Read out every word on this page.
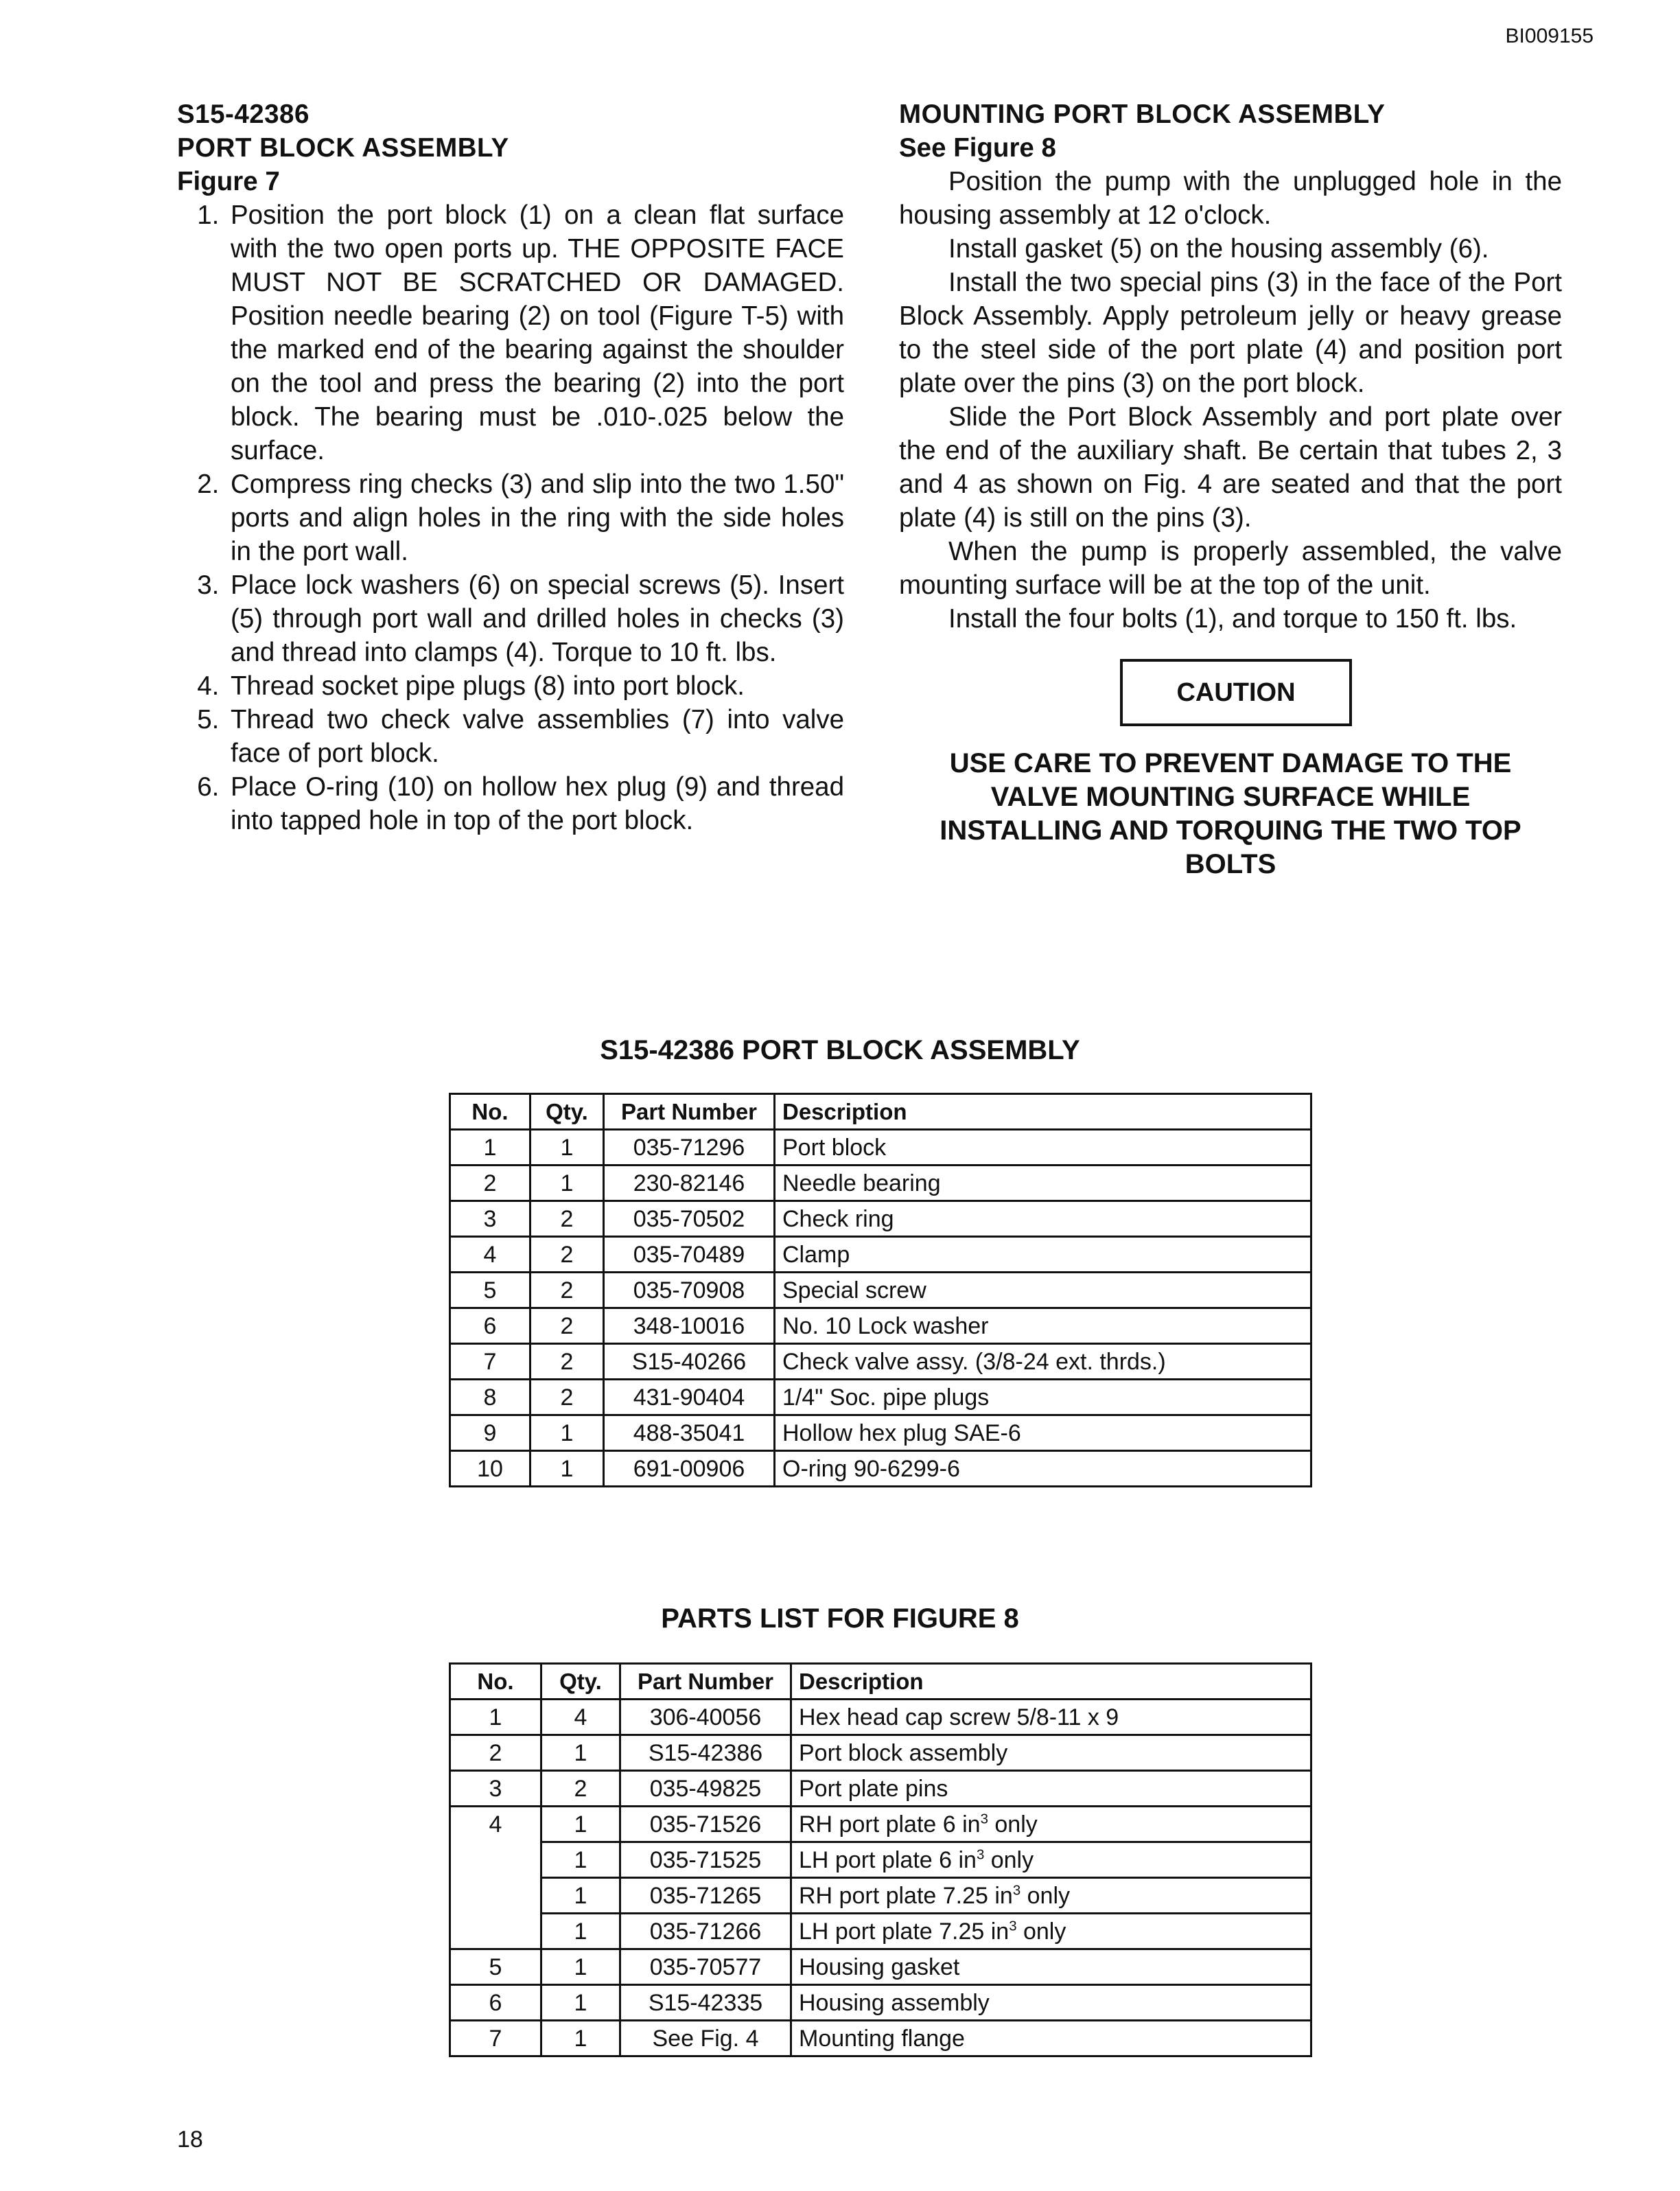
BI009155
S15-42386
PORT BLOCK ASSEMBLY
Figure 7
1. Position the port block (1) on a clean flat surface with the two open ports up. THE OPPOSITE FACE MUST NOT BE SCRATCHED OR DAMAGED. Position needle bearing (2) on tool (Figure T-5) with the marked end of the bearing against the shoulder on the tool and press the bearing (2) into the port block. The bearing must be .010-.025 below the surface.
2. Compress ring checks (3) and slip into the two 1.50" ports and align holes in the ring with the side holes in the port wall.
3. Place lock washers (6) on special screws (5). Insert (5) through port wall and drilled holes in checks (3) and thread into clamps (4). Torque to 10 ft. lbs.
4. Thread socket pipe plugs (8) into port block.
5. Thread two check valve assemblies (7) into valve face of port block.
6. Place O-ring (10) on hollow hex plug (9) and thread into tapped hole in top of the port block.
MOUNTING PORT BLOCK ASSEMBLY
See Figure 8

Position the pump with the unplugged hole in the housing assembly at 12 o'clock.

Install gasket (5) on the housing assembly (6).

Install the two special pins (3) in the face of the Port Block Assembly. Apply petroleum jelly or heavy grease to the steel side of the port plate (4) and position port plate over the pins (3) on the port block.

Slide the Port Block Assembly and port plate over the end of the auxiliary shaft. Be certain that tubes 2, 3 and 4 as shown on Fig. 4 are seated and that the port plate (4) is still on the pins (3).

When the pump is properly assembled, the valve mounting surface will be at the top of the unit.

Install the four bolts (1), and torque to 150 ft. lbs.

CAUTION
USE CARE TO PREVENT DAMAGE TO THE VALVE MOUNTING SURFACE WHILE INSTALLING AND TORQUING THE TWO TOP BOLTS
S15-42386 PORT BLOCK ASSEMBLY
No.	Qty.	Part Number	Description
1	1	035-71296	Port block
2	1	230-82146	Needle bearing
3	2	035-70502	Check ring
4	2	035-70489	Clamp
5	2	035-70908	Special screw
6	2	348-10016	No. 10 Lock washer
7	2	S15-40266	Check valve assy. (3/8-24 ext. thrds.)
8	2	431-90404	1/4" Soc. pipe plugs
9	1	488-35041	Hollow hex plug SAE-6
10	1	691-00906	O-ring 90-6299-6
PARTS LIST FOR FIGURE 8
No.	Qty.	Part Number	Description
1	4	306-40056	Hex head cap screw 5/8-11 x 9
2	1	S15-42386	Port block assembly
3	2	035-49825	Port plate pins
4	1	035-71526	RH port plate 6 $in^3$ only
	1	035-71525	LH port plate 6 $in^3$ only
	1	035-71265	RH port plate 7.25 $in^3$ only
	1	035-71266	LH port plate 7.25 $in^3$ only
5	1	035-70577	Housing gasket
6	1	S15-42335	Housing assembly
7	1	See Fig. 4	Mounting flange
18
